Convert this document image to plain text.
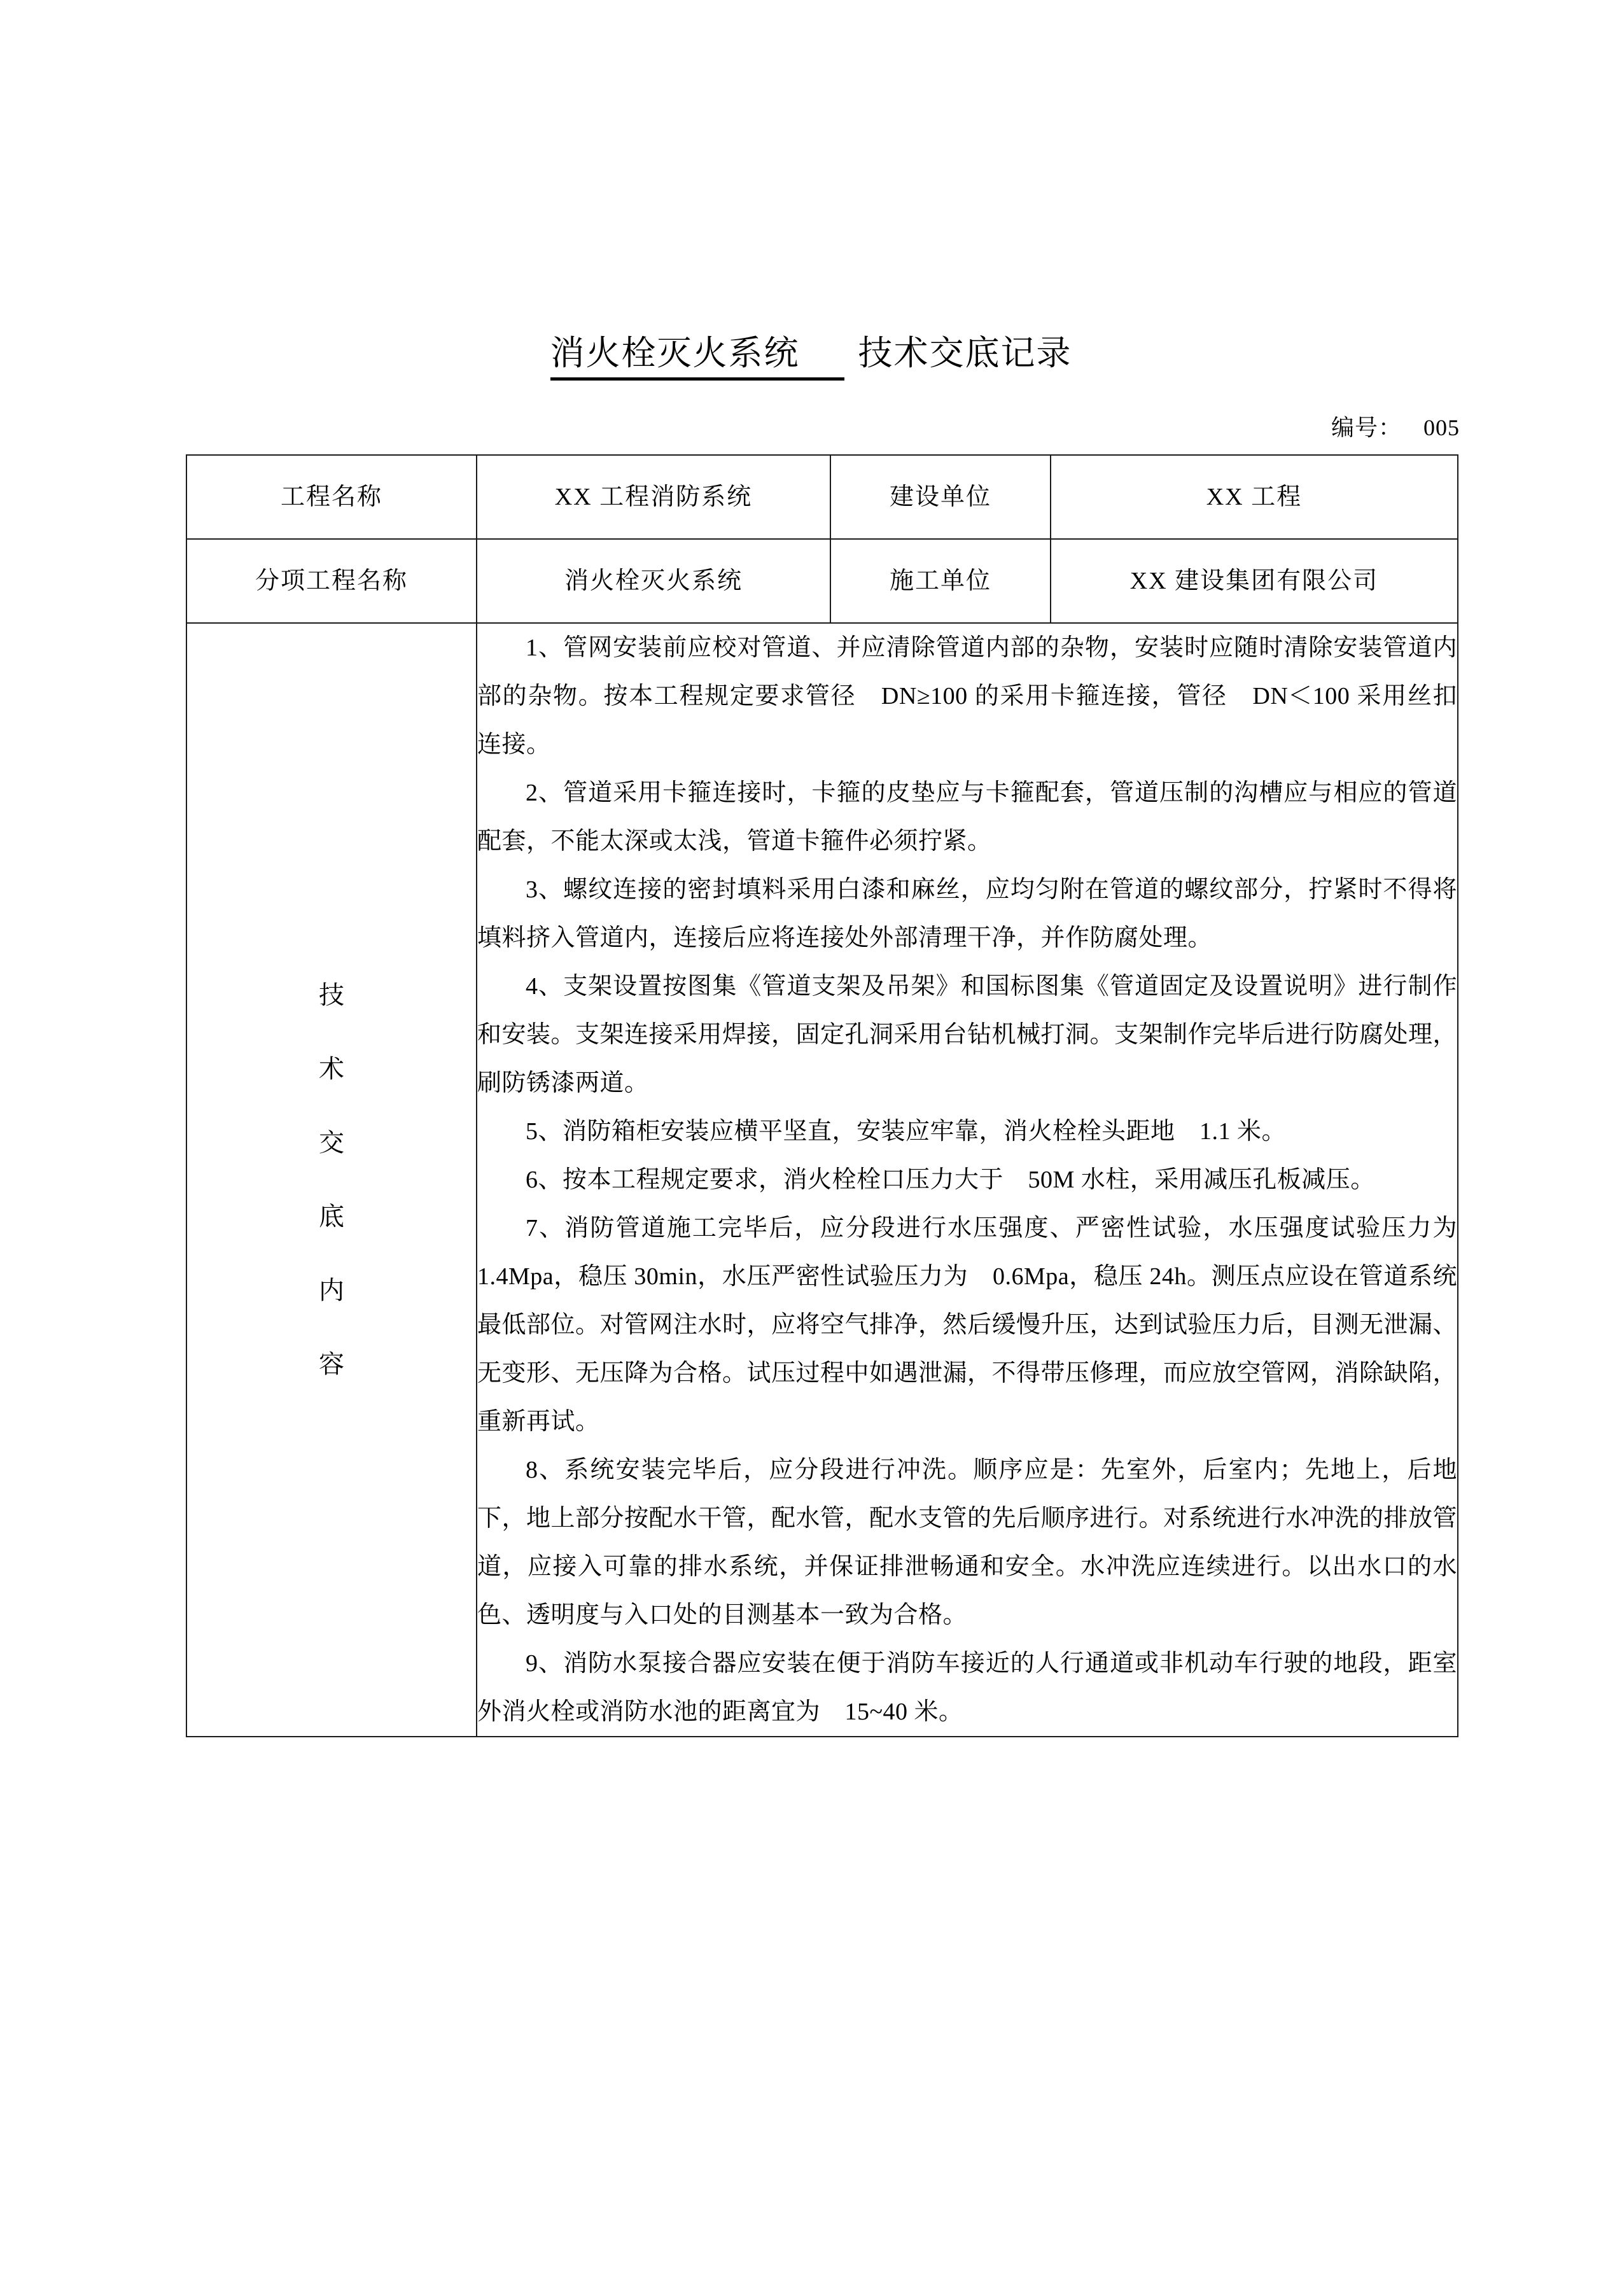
消火栓灭火系统 技术交底记录
编号： 005
工程名称	XX 工程消防系统	建设单位	XX 工程
分项工程名称	消火栓灭火系统	施工单位	XX 建设集团有限公司

技
术
交
底
内
容

1、管网安装前应校对管道、并应清除管道内部的杂物，安装时应随时清除安装管道内部的杂物。按本工程规定要求管径　DN≥100 的采用卡箍连接，管径　DN＜100 采用丝扣连接。

2、管道采用卡箍连接时，卡箍的皮垫应与卡箍配套，管道压制的沟槽应与相应的管道配套，不能太深或太浅，管道卡箍件必须拧紧。

3、螺纹连接的密封填料采用白漆和麻丝，应均匀附在管道的螺纹部分，拧紧时不得将填料挤入管道内，连接后应将连接处外部清理干净，并作防腐处理。

4、支架设置按图集《管道支架及吊架》和国标图集《管道固定及设置说明》进行制作和安装。支架连接采用焊接，固定孔洞采用台钻机械打洞。支架制作完毕后进行防腐处理，刷防锈漆两道。

5、消防箱柜安装应横平坚直，安装应牢靠，消火栓栓头距地　1.1 米。

6、按本工程规定要求，消火栓栓口压力大于　50M 水柱，采用减压孔板减压。

7、消防管道施工完毕后，应分段进行水压强度、严密性试验，水压强度试验压力为 1.4Mpa，稳压 30min，水压严密性试验压力为　0.6Mpa，稳压 24h。测压点应设在管道系统最低部位。对管网注水时，应将空气排净，然后缓慢升压，达到试验压力后，目测无泄漏、无变形、无压降为合格。试压过程中如遇泄漏，不得带压修理，而应放空管网，消除缺陷，重新再试。

8、系统安装完毕后，应分段进行冲洗。顺序应是：先室外，后室内；先地上，后地下，地上部分按配水干管，配水管，配水支管的先后顺序进行。对系统进行水冲洗的排放管道，应接入可靠的排水系统，并保证排泄畅通和安全。水冲洗应连续进行。以出水口的水色、透明度与入口处的目测基本一致为合格。

9、消防水泵接合器应安装在便于消防车接近的人行通道或非机动车行驶的地段，距室外消火栓或消防水池的距离宜为　15~40 米。
